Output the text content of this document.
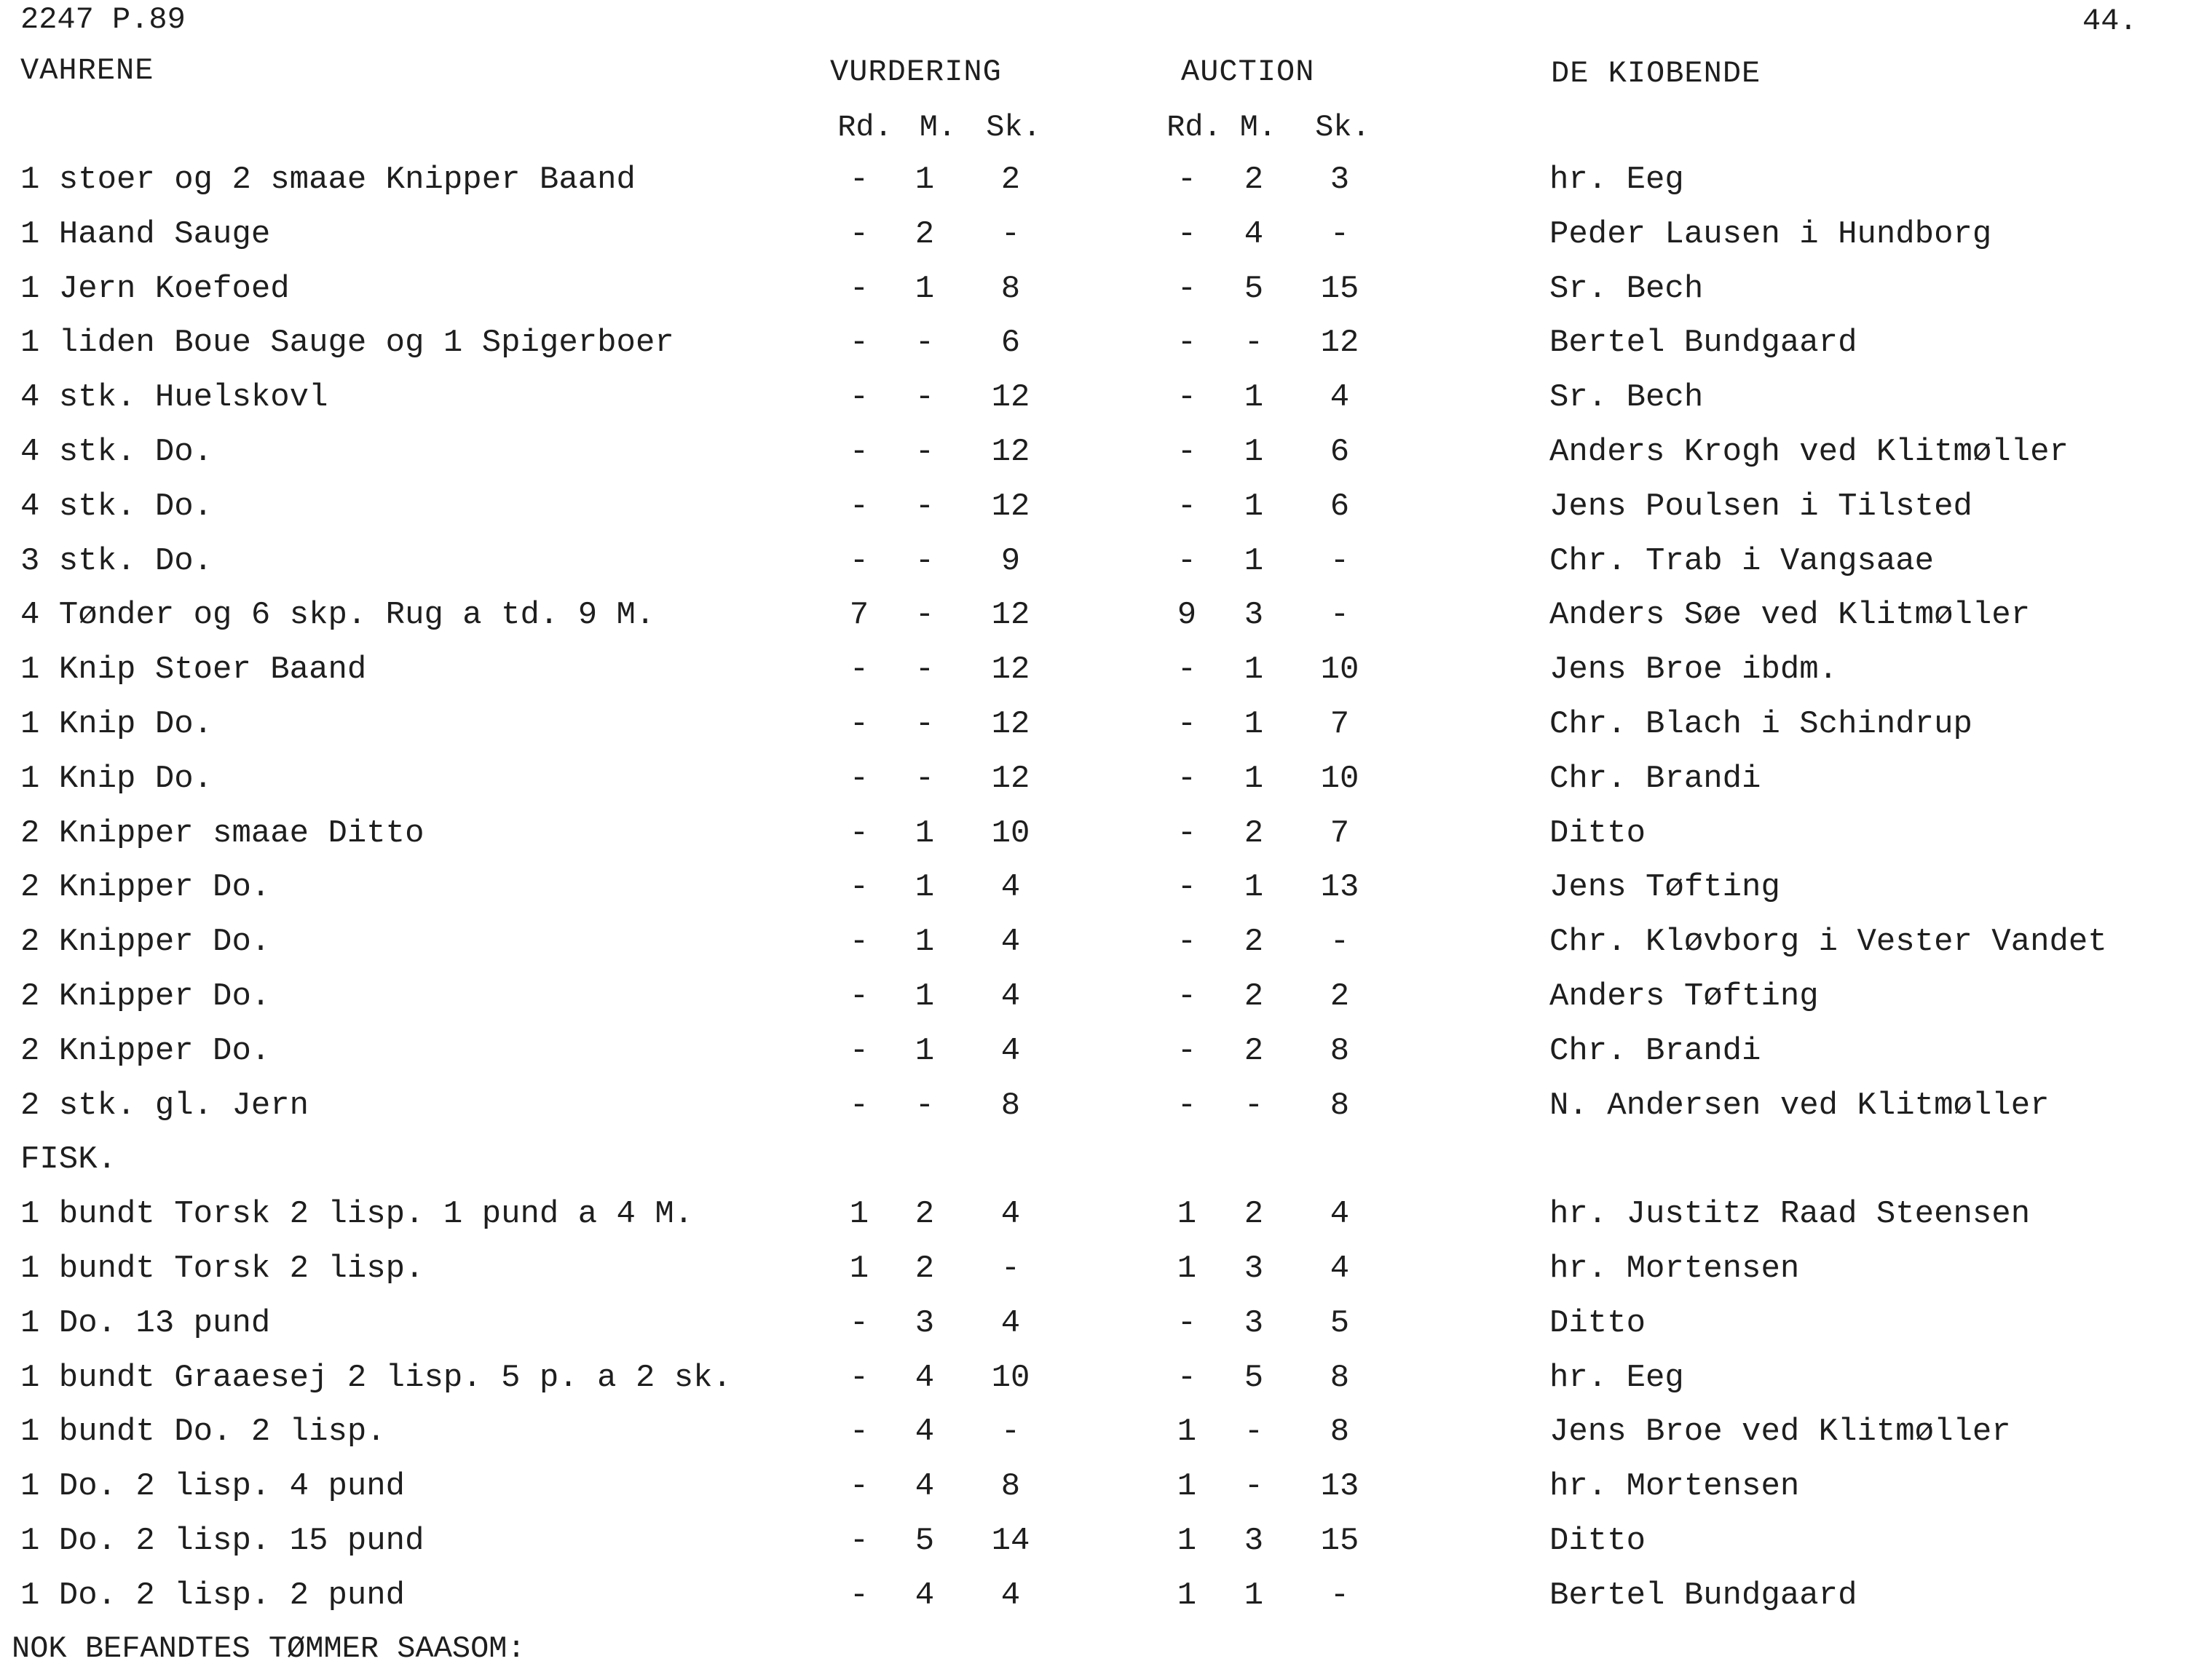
2247 P.89	44.
VAHRENE	VURDERING	AUCTION	DE KIOBENDE
Rd. M. Sk.	Rd. M. Sk.
1 stoer og 2 smaae Knipper Baand	- 1 2	- 2 3	hr. Eeg
1 Haand Sauge	- 2 -	- 4 -	Peder Lausen i Hundborg
1 Jern Koefoed	- 1 8	- 5 15	Sr. Bech
1 liden Boue Sauge og 1 Spigerboer	- - 6	- - 12	Bertel Bundgaard
4 stk. Huelskovl	- - 12	- 1 4	Sr. Bech
4 stk. Do.	- - 12	- 1 6	Anders Krogh ved Klitmøller
4 stk. Do.	- - 12	- 1 6	Jens Poulsen i Tilsted
3 stk. Do.	- - 9	- 1 -	Chr. Trab i Vangsaae
4 Tønder og 6 skp. Rug a td. 9 M.	7 - 12	9 3 -	Anders Søe ved Klitmøller
1 Knip Stoer Baand	- - 12	- 1 10	Jens Broe ibdm.
1 Knip Do.	- - 12	- 1 7	Chr. Blach i Schindrup
1 Knip Do.	- - 12	- 1 10	Chr. Brandi
2 Knipper smaae Ditto	- 1 10	- 2 7	Ditto
2 Knipper Do.	- 1 4	- 1 13	Jens Tøfting
2 Knipper Do.	- 1 4	- 2 -	Chr. Kløvborg i Vester Vandet
2 Knipper Do.	- 1 4	- 2 2	Anders Tøfting
2 Knipper Do.	- 1 4	- 2 8	Chr. Brandi
2 stk. gl. Jern	- - 8	- - 8	N. Andersen ved Klitmøller
FISK.
1 bundt Torsk 2 lisp. 1 pund a 4 M.	1 2 4	1 2 4	hr. Justitz Raad Steensen
1 bundt Torsk 2 lisp.	1 2 -	1 3 4	hr. Mortensen
1 Do. 13 pund	- 3 4	- 3 5	Ditto
1 bundt Graaesej 2 lisp. 5 p. a 2 sk.	- 4 10	- 5 8	hr. Eeg
1 bundt Do. 2 lisp.	- 4 -	1 - 8	Jens Broe ved Klitmøller
1 Do. 2 lisp. 4 pund	- 4 8	1 - 13	hr. Mortensen
1 Do. 2 lisp. 15 pund	- 5 14	1 3 15	Ditto
1 Do. 2 lisp. 2 pund	- 4 4	1 1 -	Bertel Bundgaard
NOK BEFANDTES TØMMER SAASOM:
